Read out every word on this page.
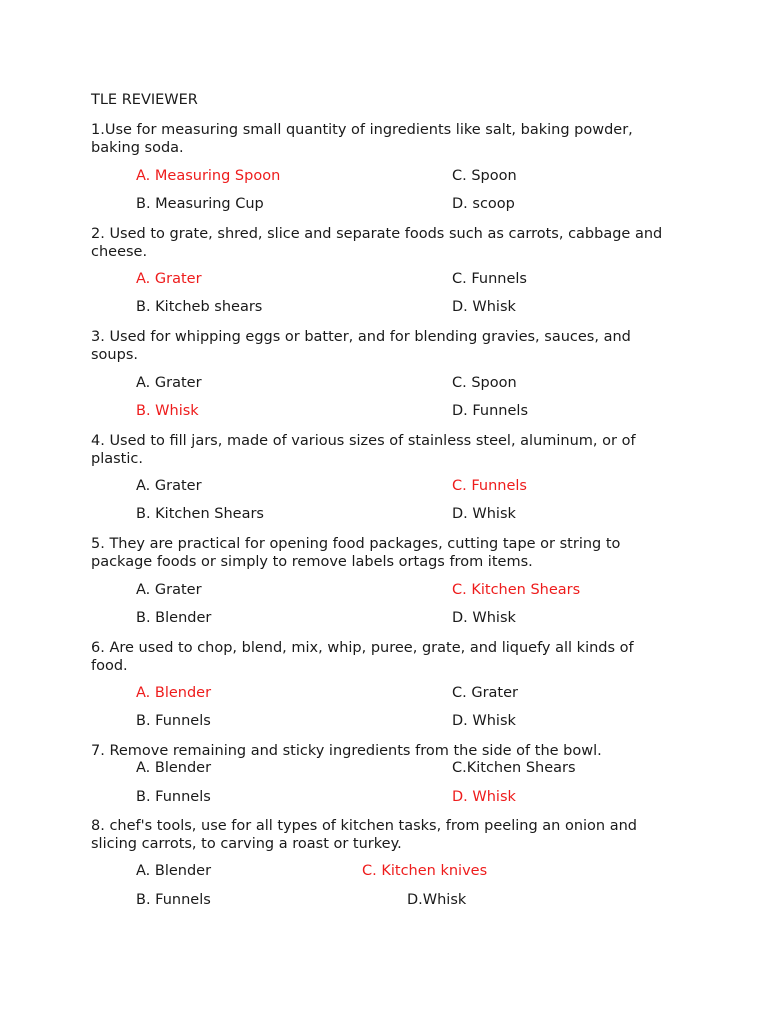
TLE REVIEWER
1.Use for measuring small quantity of ingredients like salt, baking powder, baking soda.
A. Measuring Spoon	C. Spoon
B. Measuring Cup	D. scoop
2. Used to grate, shred, slice and separate foods such as carrots, cabbage and cheese.
A. Grater	C. Funnels
B. Kitcheb shears	D. Whisk
3. Used for whipping eggs or batter, and for blending gravies, sauces, and soups.
A. Grater	C. Spoon
B. Whisk	D. Funnels
4. Used to fill jars, made of various sizes of stainless steel, aluminum, or of plastic.
A. Grater	C. Funnels
B. Kitchen Shears	D. Whisk
5. They are practical for opening food packages, cutting tape or string to package foods or simply to remove labels ortags from items.
A. Grater	C. Kitchen Shears
B. Blender	D. Whisk
6. Are used to chop, blend, mix, whip, puree, grate, and liquefy all kinds of food.
A. Blender	C. Grater
B. Funnels	D. Whisk
7. Remove remaining and sticky ingredients from the side of the bowl.
A. Blender	C.Kitchen Shears
B. Funnels	D. Whisk
8. chef's tools, use for all types of kitchen tasks, from peeling an onion and slicing carrots, to carving a roast or turkey.
A. Blender	C. Kitchen knives
B. Funnels	D.Whisk
